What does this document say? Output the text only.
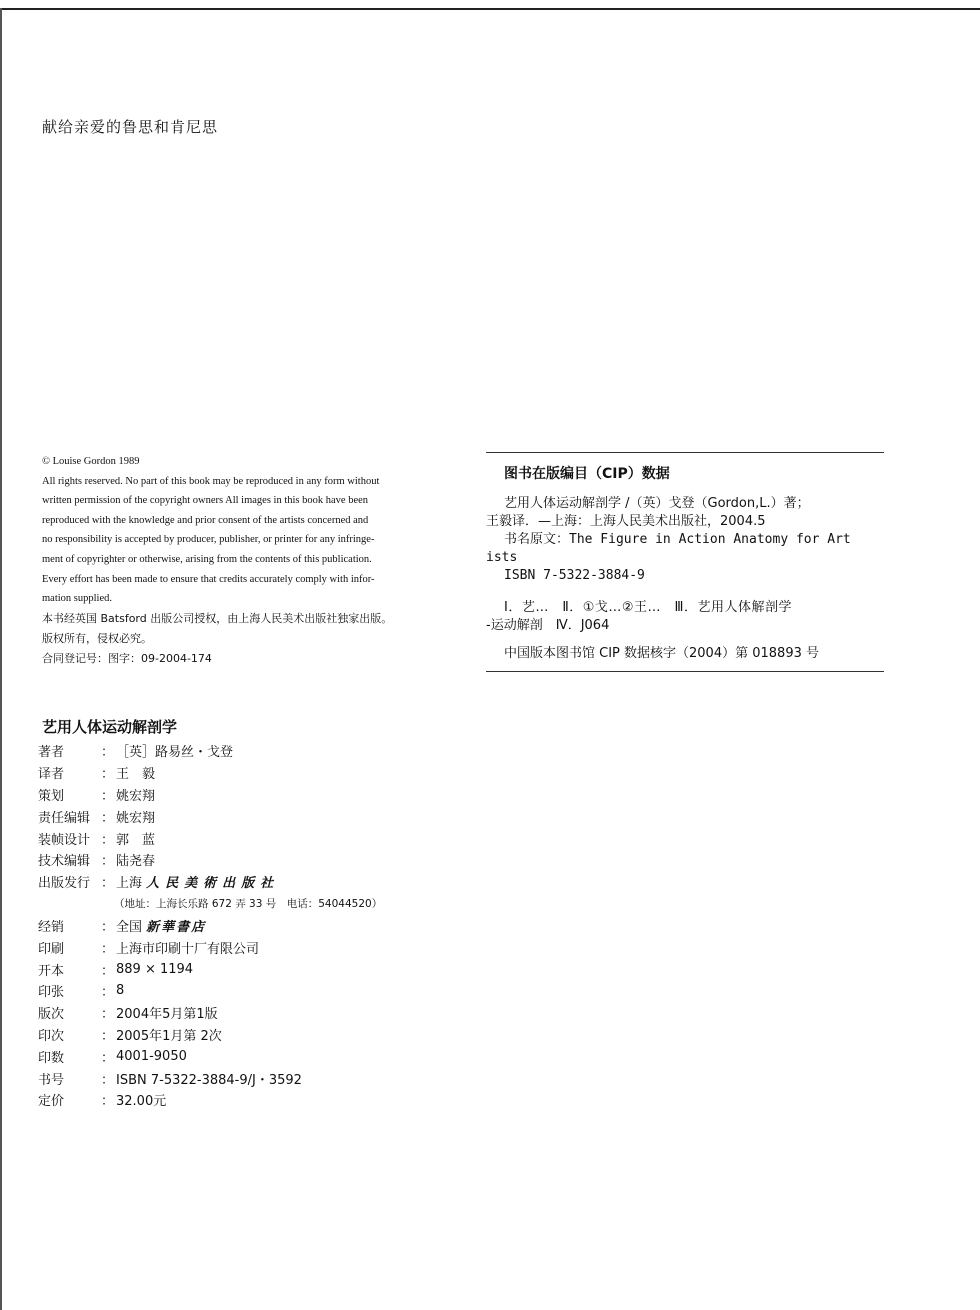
献给亲爱的鲁思和肯尼思

© Louise Gordon 1989

All rights reserved. No part of this book may be reproduced in any form without

written permission of the copyright owners All images in this book have been

reproduced with the knowledge and prior consent of the artists concerned and

no responsibility is accepted by producer, publisher, or printer for any infringe-

ment of copyrighter or otherwise, arising from the contents of this publication.

Every effort has been made to ensure that credits accurately comply with infor-

mation supplied.

本书经英国 Batsford 出版公司授权，由上海人民美术出版社独家出版。

版权所有，侵权必究。

合同登记号：图字：09-2004-174

图书在版编目（CIP）数据
艺用人体运动解剖学 /（英）戈登（Gordon,L.）著；
王毅译．—上海：上海人民美术出版社，2004.5
书名原文：The Figure in Action Anatomy for Art
ists
ISBN 7-5322-3884-9
Ⅰ．艺…　Ⅱ．①戈…②王…　Ⅲ．艺用人体解剖学
-运动解剖　Ⅳ．J064
中国版本图书馆 CIP 数据核字（2004）第 018893 号
艺用人体运动解剖学
著者	： ［英］路易丝・戈登
译者	： 王　毅
策划	： 姚宏翔
责任编辑 ： 姚宏翔
装帧设计 ： 郭　蓝
技术编辑 ： 陆尧春
出版发行 ： 上海 人民美術出版社
（地址：上海长乐路 672 弄 33 号　电话：54044520）
经销	： 全国 新華書店
印刷	： 上海市印刷十厂有限公司
开本	： 889 × 1194
印张	： 8
版次	： 2004年5月第1版
印次	： 2005年1月第 2次
印数	： 4001-9050
书号	： ISBN 7-5322-3884-9/J・3592
定价	： 32.00元
